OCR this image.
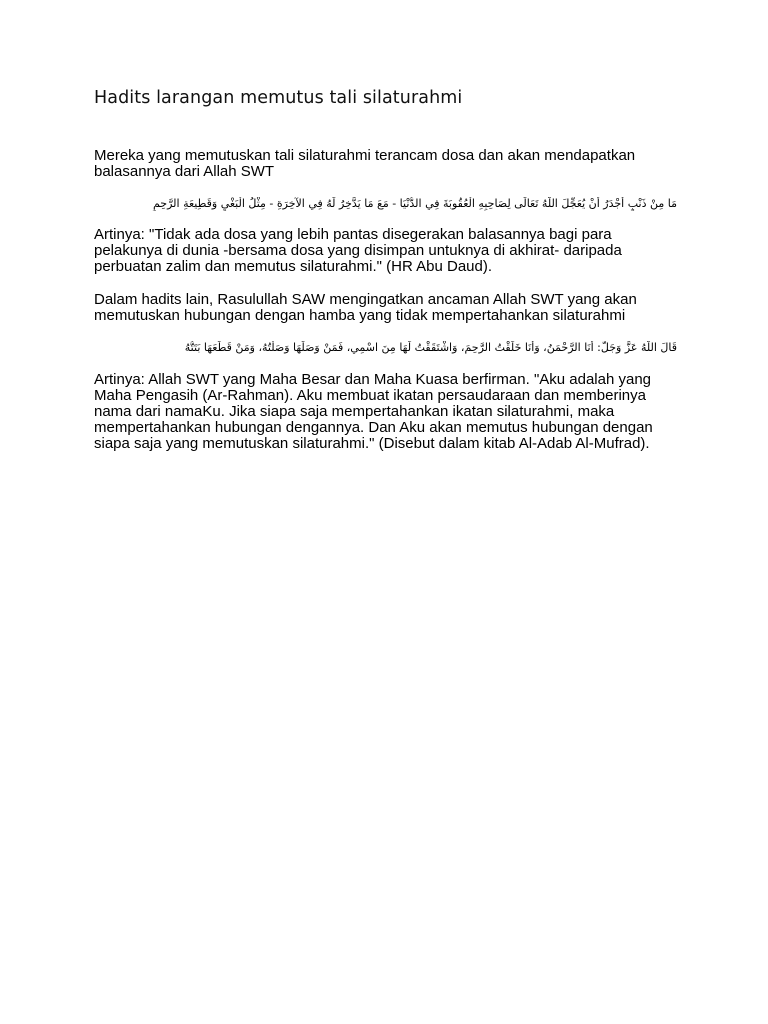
Hadits larangan memutus tali silaturahmi

Mereka yang memutuskan tali silaturahmi terancam dosa dan akan mendapatkan balasannya dari Allah SWT

مَا مِنْ ذَنْبٍ أَجْدَرُ أَنْ يُعَجِّلَ اللَّهُ تَعَالَى لِصَاحِبِهِ الْعُقُوبَةَ فِي الدُّنْيَا - مَعَ مَا يَدَّخِرُ لَهُ فِي الآخِرَةِ - مِثْلُ الْبَغْيِ وَقَطِيعَةِ الرَّحِمِ

Artinya: "Tidak ada dosa yang lebih pantas disegerakan balasannya bagi para pelakunya di dunia -bersama dosa yang disimpan untuknya di akhirat- daripada perbuatan zalim dan memutus silaturahmi." (HR Abu Daud).

Dalam hadits lain, Rasulullah SAW mengingatkan ancaman Allah SWT yang akan memutuskan hubungan dengan hamba yang tidak mempertahankan silaturahmi

قَالَ اللَّهُ عَزَّ وَجَلَّ: أَنَا الرَّحْمَنُ، وَأَنَا خَلَقْتُ الرَّحِمَ، وَاشْتَقَقْتُ لَهَا مِنَ اسْمِي، فَمَنْ وَصَلَهَا وَصَلْتُهُ، وَمَنْ قَطَعَهَا بَتَتُّهُ

Artinya: Allah SWT yang Maha Besar dan Maha Kuasa berfirman. "Aku adalah yang Maha Pengasih (Ar-Rahman). Aku membuat ikatan persaudaraan dan memberinya nama dari namaKu. Jika siapa saja mempertahankan ikatan silaturahmi, maka mempertahankan hubungan dengannya. Dan Aku akan memutus hubungan dengan siapa saja yang memutuskan silaturahmi." (Disebut dalam kitab Al-Adab Al-Mufrad).
